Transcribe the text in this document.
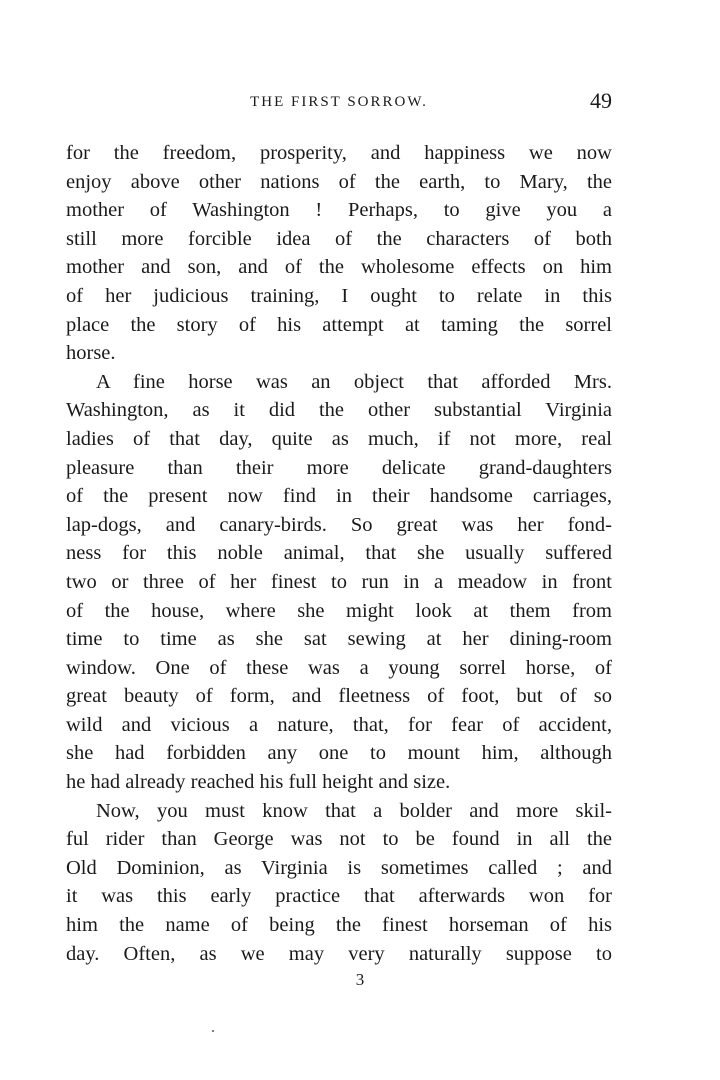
THE FIRST SORROW.	49
for the freedom, prosperity, and happiness we now
enjoy above other nations of the earth, to Mary, the
mother of Washington ! Perhaps, to give you a
still more forcible idea of the characters of both
mother and son, and of the wholesome effects on him
of her judicious training, I ought to relate in this
place the story of his attempt at taming the sorrel
horse.
A fine horse was an object that afforded Mrs.
Washington, as it did the other substantial Virginia
ladies of that day, quite as much, if not more, real
pleasure than their more delicate grand-daughters
of the present now find in their handsome carriages,
lap-dogs, and canary-birds. So great was her fond-
ness for this noble animal, that she usually suffered
two or three of her finest to run in a meadow in front
of the house, where she might look at them from
time to time as she sat sewing at her dining-room
window. One of these was a young sorrel horse, of
great beauty of form, and fleetness of foot, but of so
wild and vicious a nature, that, for fear of accident,
she had forbidden any one to mount him, although
he had already reached his full height and size.
Now, you must know that a bolder and more skil-
ful rider than George was not to be found in all the
Old Dominion, as Virginia is sometimes called ; and
it was this early practice that afterwards won for
him the name of being the finest horseman of his
day. Often, as we may very naturally suppose to
3
